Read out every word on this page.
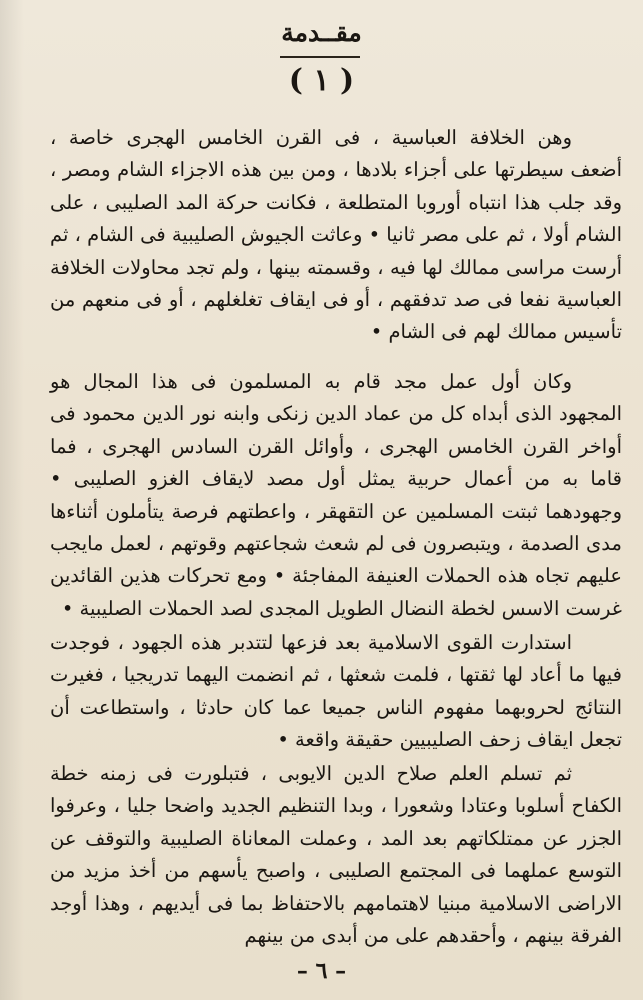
مقــدمة
( ١ )

وهن الخلافة العباسية ، فى القرن الخامس الهجرى خاصة ، أضعف سيطرتها على أجزاء بلادها ، ومن بين هذه الاجزاء الشام ومصر ، وقد جلب هذا انتباه أوروبا المتطلعة ، فكانت حركة المد الصليبى ، على الشام أولا ، ثم على مصر ثانيا • وعاثت الجيوش الصليبية فى الشام ، ثم أرست مراسى ممالك لها فيه ، وقسمته بينها ، ولم تجد محاولات الخلافة العباسية نفعا فى صد تدفقهم ، أو فى ايقاف تغلغلهم ، أو فى منعهم من تأسيس ممالك لهم فى الشام •

وكان أول عمل مجد قام به المسلمون فى هذا المجال هو المجهود الذى أبداه كل من عماد الدين زنكى وابنه نور الدين محمود فى أواخر القرن الخامس الهجرى ، وأوائل القرن السادس الهجرى ، فما قاما به من أعمال حربية يمثل أول مصد لايقاف الغزو الصليبى • وجهودهما ثبتت المسلمين عن التقهقر ، واعطتهم فرصة يتأملون أثناءها مدى الصدمة ، ويتبصرون فى لم شعث شجاعتهم وقوتهم ، لعمل مايجب عليهم تجاه هذه الحملات العنيفة المفاجئة • ومع تحركات هذين القائدين غرست الاسس لخطة النضال الطويل المجدى لصد الحملات الصليبية •

استدارت القوى الاسلامية بعد فزعها لتتدبر هذه الجهود ، فوجدت فيها ما أعاد لها ثقتها ، فلمت شعثها ، ثم انضمت اليهما تدريجيا ، فغيرت النتائج لحروبهما مفهوم الناس جميعا عما كان حادثا ، واستطاعت أن تجعل ايقاف زحف الصليبيين حقيقة واقعة •

ثم تسلم العلم صلاح الدين الايوبى ، فتبلورت فى زمنه خطة الكفاح أسلوبا وعتادا وشعورا ، وبدا التنظيم الجديد واضحا جليا ، وعرفوا الجزر عن ممتلكاتهم بعد المد ، وعملت المعاناة الصليبية والتوقف عن التوسع عملهما فى المجتمع الصليبى ، واصبح يأسهم من أخذ مزيد من الاراضى الاسلامية مبنيا لاهتمامهم بالاحتفاظ بما فى أيديهم ، وهذا أوجد الفرقة بينهم ، وأحقدهم على من أبدى من بينهم

– ٦ –
